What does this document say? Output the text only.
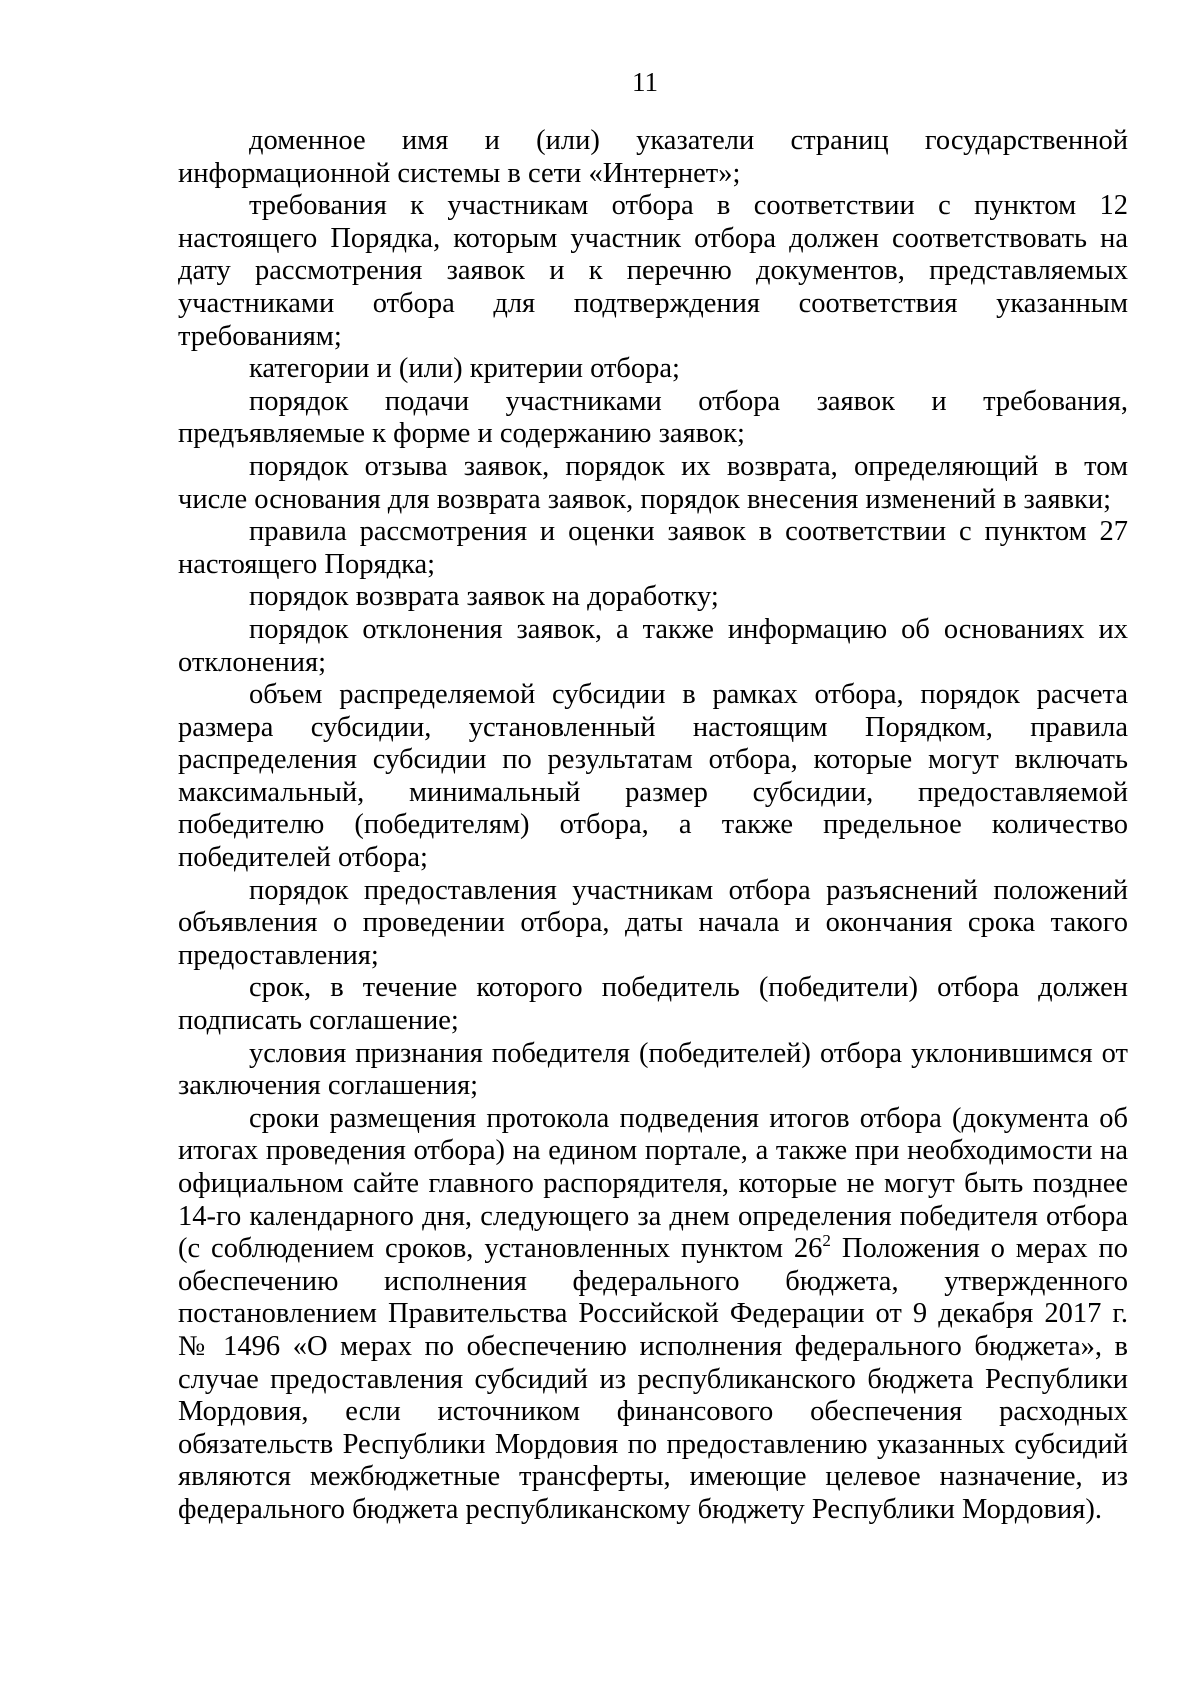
11

доменное имя и (или) указатели страниц государственной информационной системы в сети «Интернет»;

требования к участникам отбора в соответствии с пунктом 12 настоящего Порядка, которым участник отбора должен соответствовать на дату рассмотрения заявок и к перечню документов, представляемых участниками отбора для подтверждения соответствия указанным требованиям;

категории и (или) критерии отбора;

порядок подачи участниками отбора заявок и требования, предъявляемые к форме и содержанию заявок;

порядок отзыва заявок, порядок их возврата, определяющий в том числе основания для возврата заявок, порядок внесения изменений в заявки;

правила рассмотрения и оценки заявок в соответствии с пунктом 27 настоящего Порядка;

порядок возврата заявок на доработку;

порядок отклонения заявок, а также информацию об основаниях их отклонения;

объем распределяемой субсидии в рамках отбора, порядок расчета размера субсидии, установленный настоящим Порядком, правила распределения субсидии по результатам отбора, которые могут включать максимальный, минимальный размер субсидии, предоставляемой победителю (победителям) отбора, а также предельное количество победителей отбора;

порядок предоставления участникам отбора разъяснений положений объявления о проведении отбора, даты начала и окончания срока такого предоставления;

срок, в течение которого победитель (победители) отбора должен подписать соглашение;

условия признания победителя (победителей) отбора уклонившимся от заключения соглашения;

сроки размещения протокола подведения итогов отбора (документа об итогах проведения отбора) на едином портале, а также при необходимости на официальном сайте главного распорядителя, которые не могут быть позднее 14-го календарного дня, следующего за днем определения победителя отбора (с соблюдением сроков, установленных пунктом $26^2$ Положения о мерах по обеспечению исполнения федерального бюджета, утвержденного постановлением Правительства Российской Федерации от 9 декабря 2017 г. № 1496 «О мерах по обеспечению исполнения федерального бюджета», в случае предоставления субсидий из республиканского бюджета Республики Мордовия, если источником финансового обеспечения расходных обязательств Республики Мордовия по предоставлению указанных субсидий являются межбюджетные трансферты, имеющие целевое назначение, из федерального бюджета республиканскому бюджету Республики Мордовия).
